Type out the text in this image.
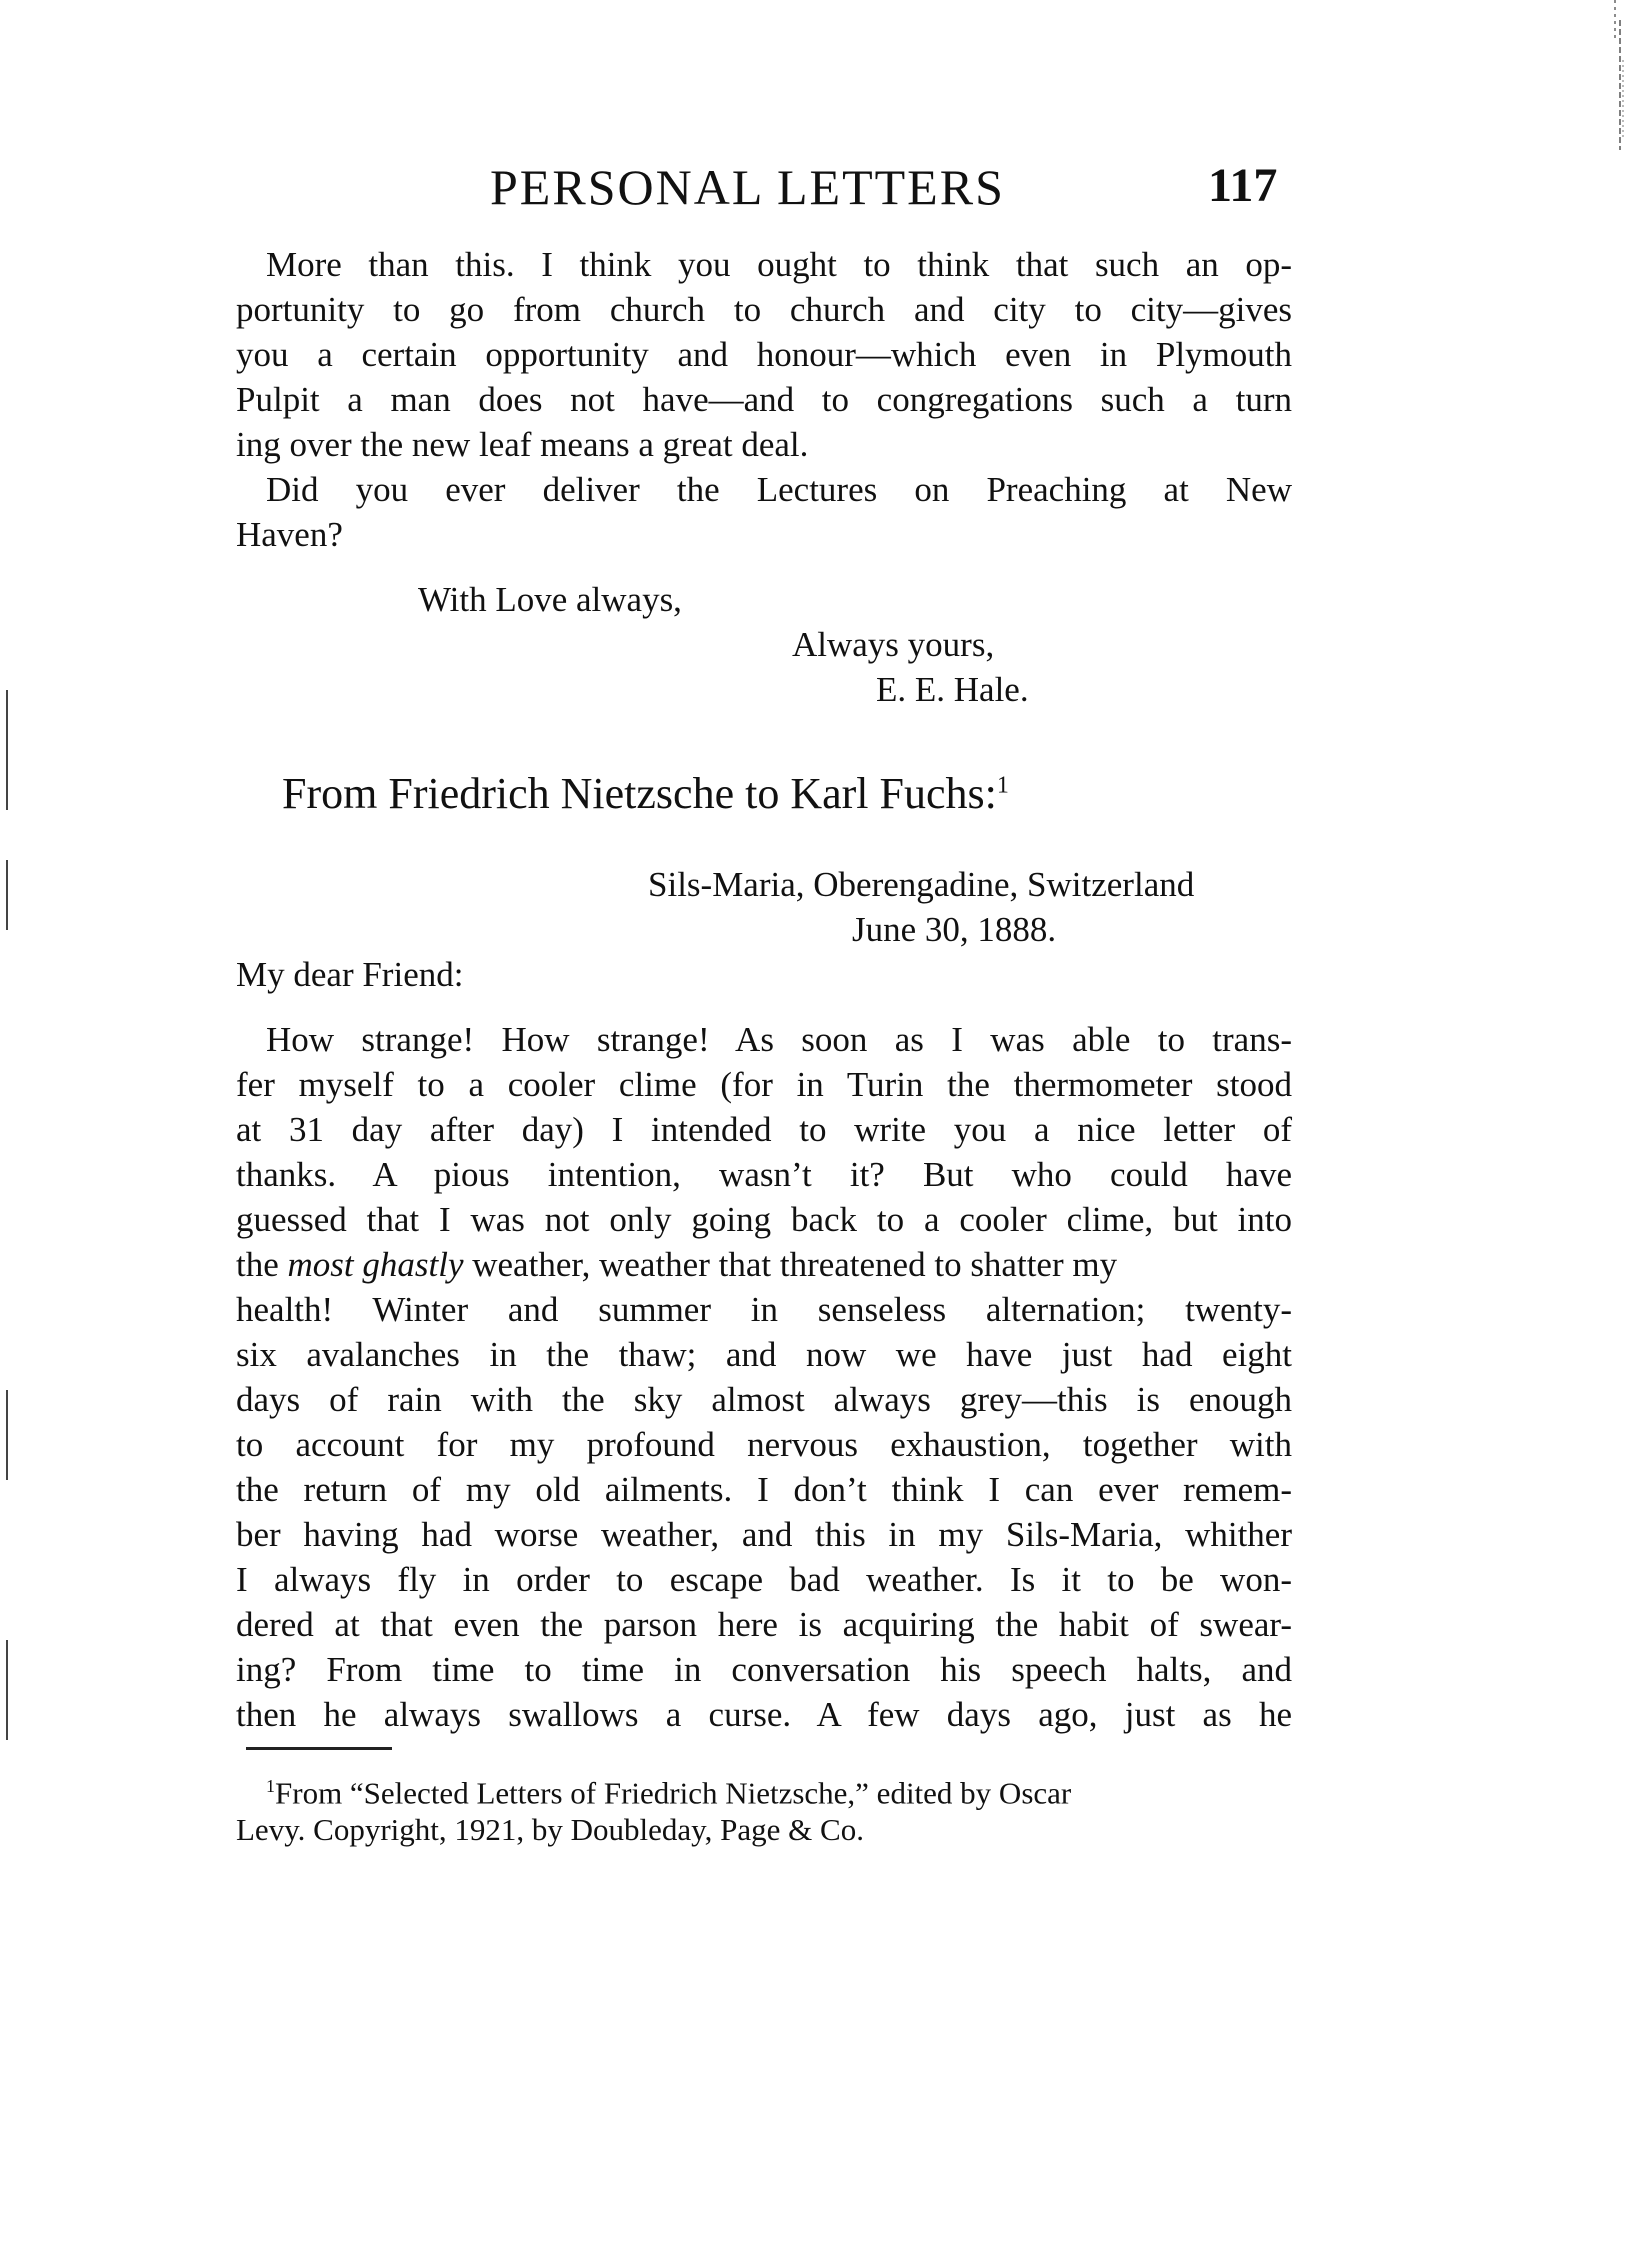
PERSONAL LETTERS	117
More than this. I think you ought to think that such an op-
portunity to go from church to church and city to city—gives
you a certain opportunity and honour—which even in Plymouth
Pulpit a man does not have—and to congregations such a turn
ing over the new leaf means a great deal.
Did you ever deliver the Lectures on Preaching at New
Haven?
With Love always,
Always yours,
E. E. Hale.
From Friedrich Nietzsche to Karl Fuchs:$^1$
Sils-Maria, Oberengadine, Switzerland
June 30, 1888.
My dear Friend:
How strange! How strange! As soon as I was able to trans-
fer myself to a cooler clime (for in Turin the thermometer stood
at 31 day after day) I intended to write you a nice letter of
thanks. A pious intention, wasn’t it? But who could have
guessed that I was not only going back to a cooler clime, but into
the most ghastly weather, weather that threatened to shatter my
health! Winter and summer in senseless alternation; twenty-
six avalanches in the thaw; and now we have just had eight
days of rain with the sky almost always grey—this is enough
to account for my profound nervous exhaustion, together with
the return of my old ailments. I don’t think I can ever remem-
ber having had worse weather, and this in my Sils-Maria, whither
I always fly in order to escape bad weather. Is it to be won-
dered at that even the parson here is acquiring the habit of swear-
ing? From time to time in conversation his speech halts, and
then he always swallows a curse. A few days ago, just as he
$^1$From “Selected Letters of Friedrich Nietzsche,” edited by Oscar
Levy. Copyright, 1921, by Doubleday, Page & Co.
